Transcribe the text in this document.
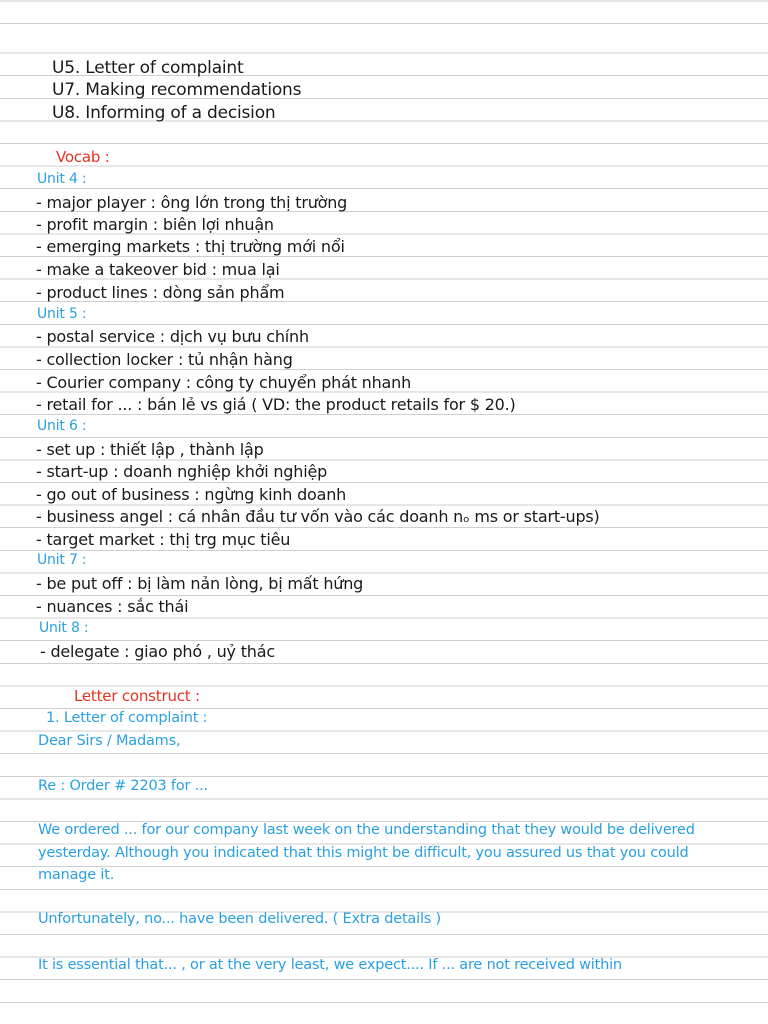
U5. Letter of complaint
U7. Making recommendations
U8. Informing of a decision
Vocab :
Unit 4 :
- major player : ông lớn trong thị trường
- profit margin : biên lợi nhuận
- emerging markets : thị trường mới nổi
- make a takeover bid : mua lại
- product lines : dòng sản phẩm
Unit 5 :
- postal service : dịch vụ bưu chính
- collection locker : tủ nhận hàng
- Courier company : công ty chuyển phát nhanh
- retail for ... : bán lẻ vs giá ( VD: the product retails for $ 20.)
Unit 6 :
- set up : thiết lập , thành lập
- start-up : doanh nghiệp khởi nghiệp
- go out of business : ngừng kinh doanh
- business angel : cá nhân đầu tư vốn vào các doanh nₒ ms or start-ups)
- target market : thị trg mục tiêu
Unit 7 :
- be put off : bị làm nản lòng, bị mất hứng
- nuances : sắc thái
Unit 8 :
- delegate : giao phó , uỷ thác
Letter construct :
1. Letter of complaint :
Dear Sirs / Madams,
Re : Order # 2203 for ...
We ordered ... for our company last week on the understanding that they would be delivered
yesterday. Although you indicated that this might be difficult, you assured us that you could
manage it.
Unfortunately, no... have been delivered. ( Extra details )
It is essential that... , or at the very least, we expect.... If ... are not received within
